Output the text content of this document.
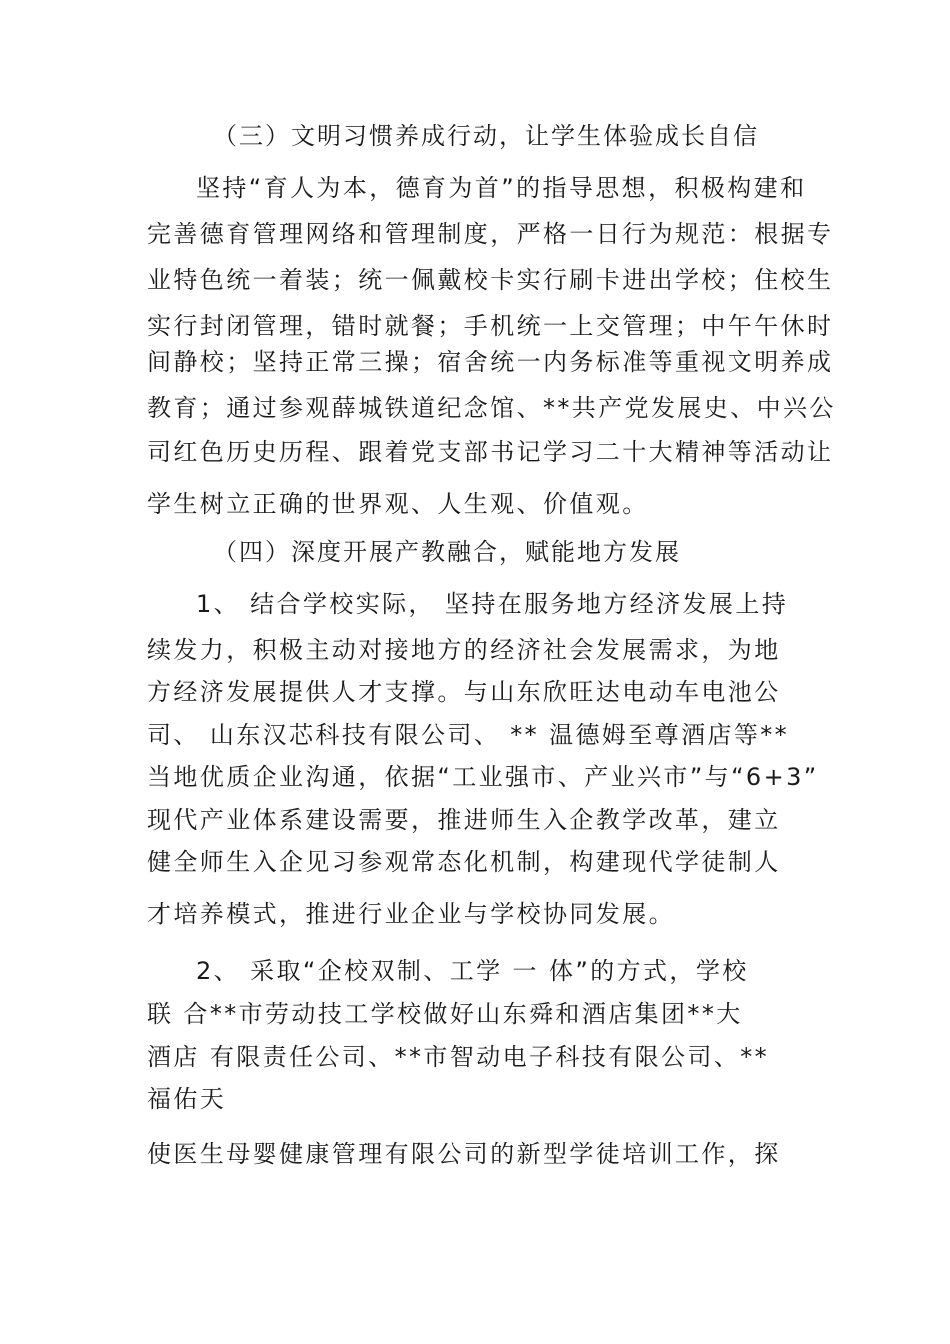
（三）文明习惯养成行动，让学生体验成长自信
坚持“育人为本，德育为首”的指导思想，积极构建和
完善德育管理网络和管理制度，严格一日行为规范：根据专
业特色统一着装；统一佩戴校卡实行刷卡进出学校；住校生
实行封闭管理，错时就餐；手机统一上交管理；中午午休时
间静校；坚持正常三操；宿舍统一内务标准等重视文明养成
教育；通过参观薛城铁道纪念馆、**共产党发展史、中兴公
司红色历史历程、跟着党支部书记学习二十大精神等活动让
学生树立正确的世界观、人生观、价值观。
（四）深度开展产教融合，赋能地方发展
1、 结合学校实际， 坚持在服务地方经济发展上持
续发力，积极主动对接地方的经济社会发展需求，为地
方经济发展提供人才支撑。与山东欣旺达电动车电池公
司、 山东汉芯科技有限公司、 ** 温德姆至尊酒店等**
当地优质企业沟通，依据“工业强市、产业兴市”与“6+3”
现代产业体系建设需要，推进师生入企教学改革，建立
健全师生入企见习参观常态化机制，构建现代学徒制人
才培养模式，推进行业企业与学校协同发展。
2、 采取“企校双制、工学 一 体”的方式，学校
联 合**市劳动技工学校做好山东舜和酒店集团**大
酒店 有限责任公司、**市智动电子科技有限公司、**
福佑天
使医生母婴健康管理有限公司的新型学徒培训工作，探
